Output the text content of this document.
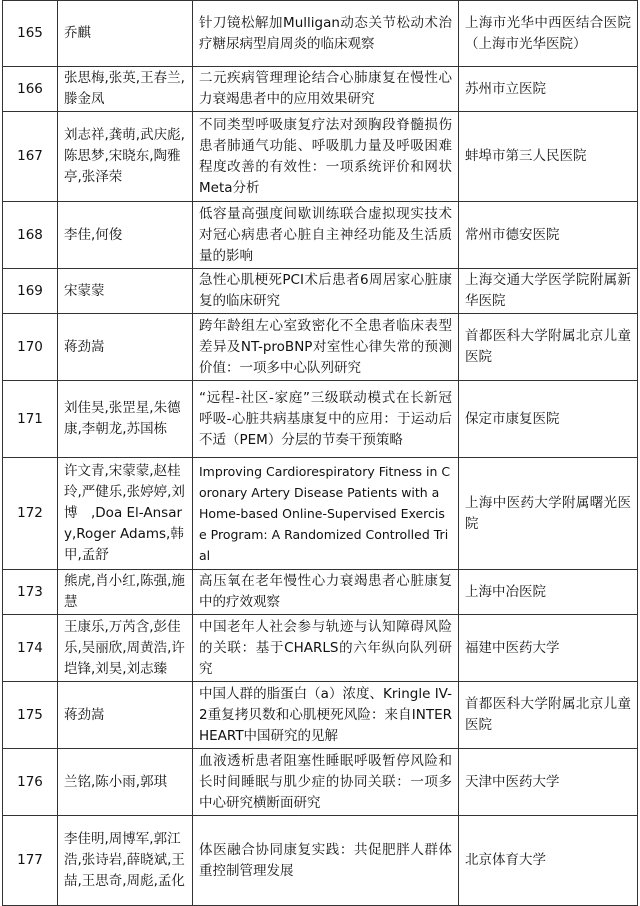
165	乔麒	针刀镜松解加Mulligan动态关节松动术治疗糖尿病型肩周炎的临床观察	上海市光华中西医结合医院（上海市光华医院）
166	张思梅,张英,王春兰,滕金凤	二元疾病管理理论结合心肺康复在慢性心力衰竭患者中的应用效果研究	苏州市立医院
167	刘志祥,龚萌,武庆彪,陈思梦,宋晓东,陶雅亭,张泽荣	不同类型呼吸康复疗法对颈胸段脊髓损伤患者肺通气功能、呼吸肌力量及呼吸困难程度改善的有效性：一项系统评价和网状Meta分析	蚌埠市第三人民医院
168	李佳,何俊	低容量高强度间歇训练联合虚拟现实技术对冠心病患者心脏自主神经功能及生活质量的影响	常州市德安医院
169	宋蒙蒙	急性心肌梗死PCI术后患者6周居家心脏康复的临床研究	上海交通大学医学院附属新华医院
170	蒋劲嵩	跨年龄组左心室致密化不全患者临床表型差异及NT-proBNP对室性心律失常的预测价值：一项多中心队列研究	首都医科大学附属北京儿童医院
171	刘佳昊,张罡星,朱德康,李朝龙,苏国栋	“远程-社区-家庭”三级联动模式在长新冠呼吸-心脏共病基康复中的应用：于运动后不适（PEM）分层的节奏干预策略	保定市康复医院
172	许文青,宋蒙蒙,赵桂玲,严健乐,张婷婷,刘　博　,Doa El-Ansary,Roger Adams,韩甲,孟舒	Improving Cardiorespiratory Fitness in Coronary Artery Disease Patients with a Home-based Online-Supervised Exercise Program: A Randomized Controlled Trial	上海中医药大学附属曙光医院
173	熊虎,肖小红,陈强,施慧	高压氧在老年慢性心力衰竭患者心脏康复中的疗效观察	上海中冶医院
174	王康乐,万芮含,彭佳乐,吴丽欣,周黄浩,许垲锋,刘昊,刘志臻	中国老年人社会参与轨迹与认知障碍风险的关联：基于CHARLS的六年纵向队列研究	福建中医药大学
175	蒋劲嵩	中国人群的脂蛋白（a）浓度、Kringle IV-2重复拷贝数和心肌梗死风险：来自INTERHEART中国研究的见解	首都医科大学附属北京儿童医院
176	兰铭,陈小雨,郭琪	血液透析患者阻塞性睡眠呼吸暂停风险和长时间睡眠与肌少症的协同关联：一项多中心研究横断面研究	天津中医药大学
177	李佳明,周博军,郭江浩,张诗岩,薛晓斌,王喆,王思奇,周彪,孟化	体医融合协同康复实践：共促肥胖人群体重控制管理发展	北京体育大学
